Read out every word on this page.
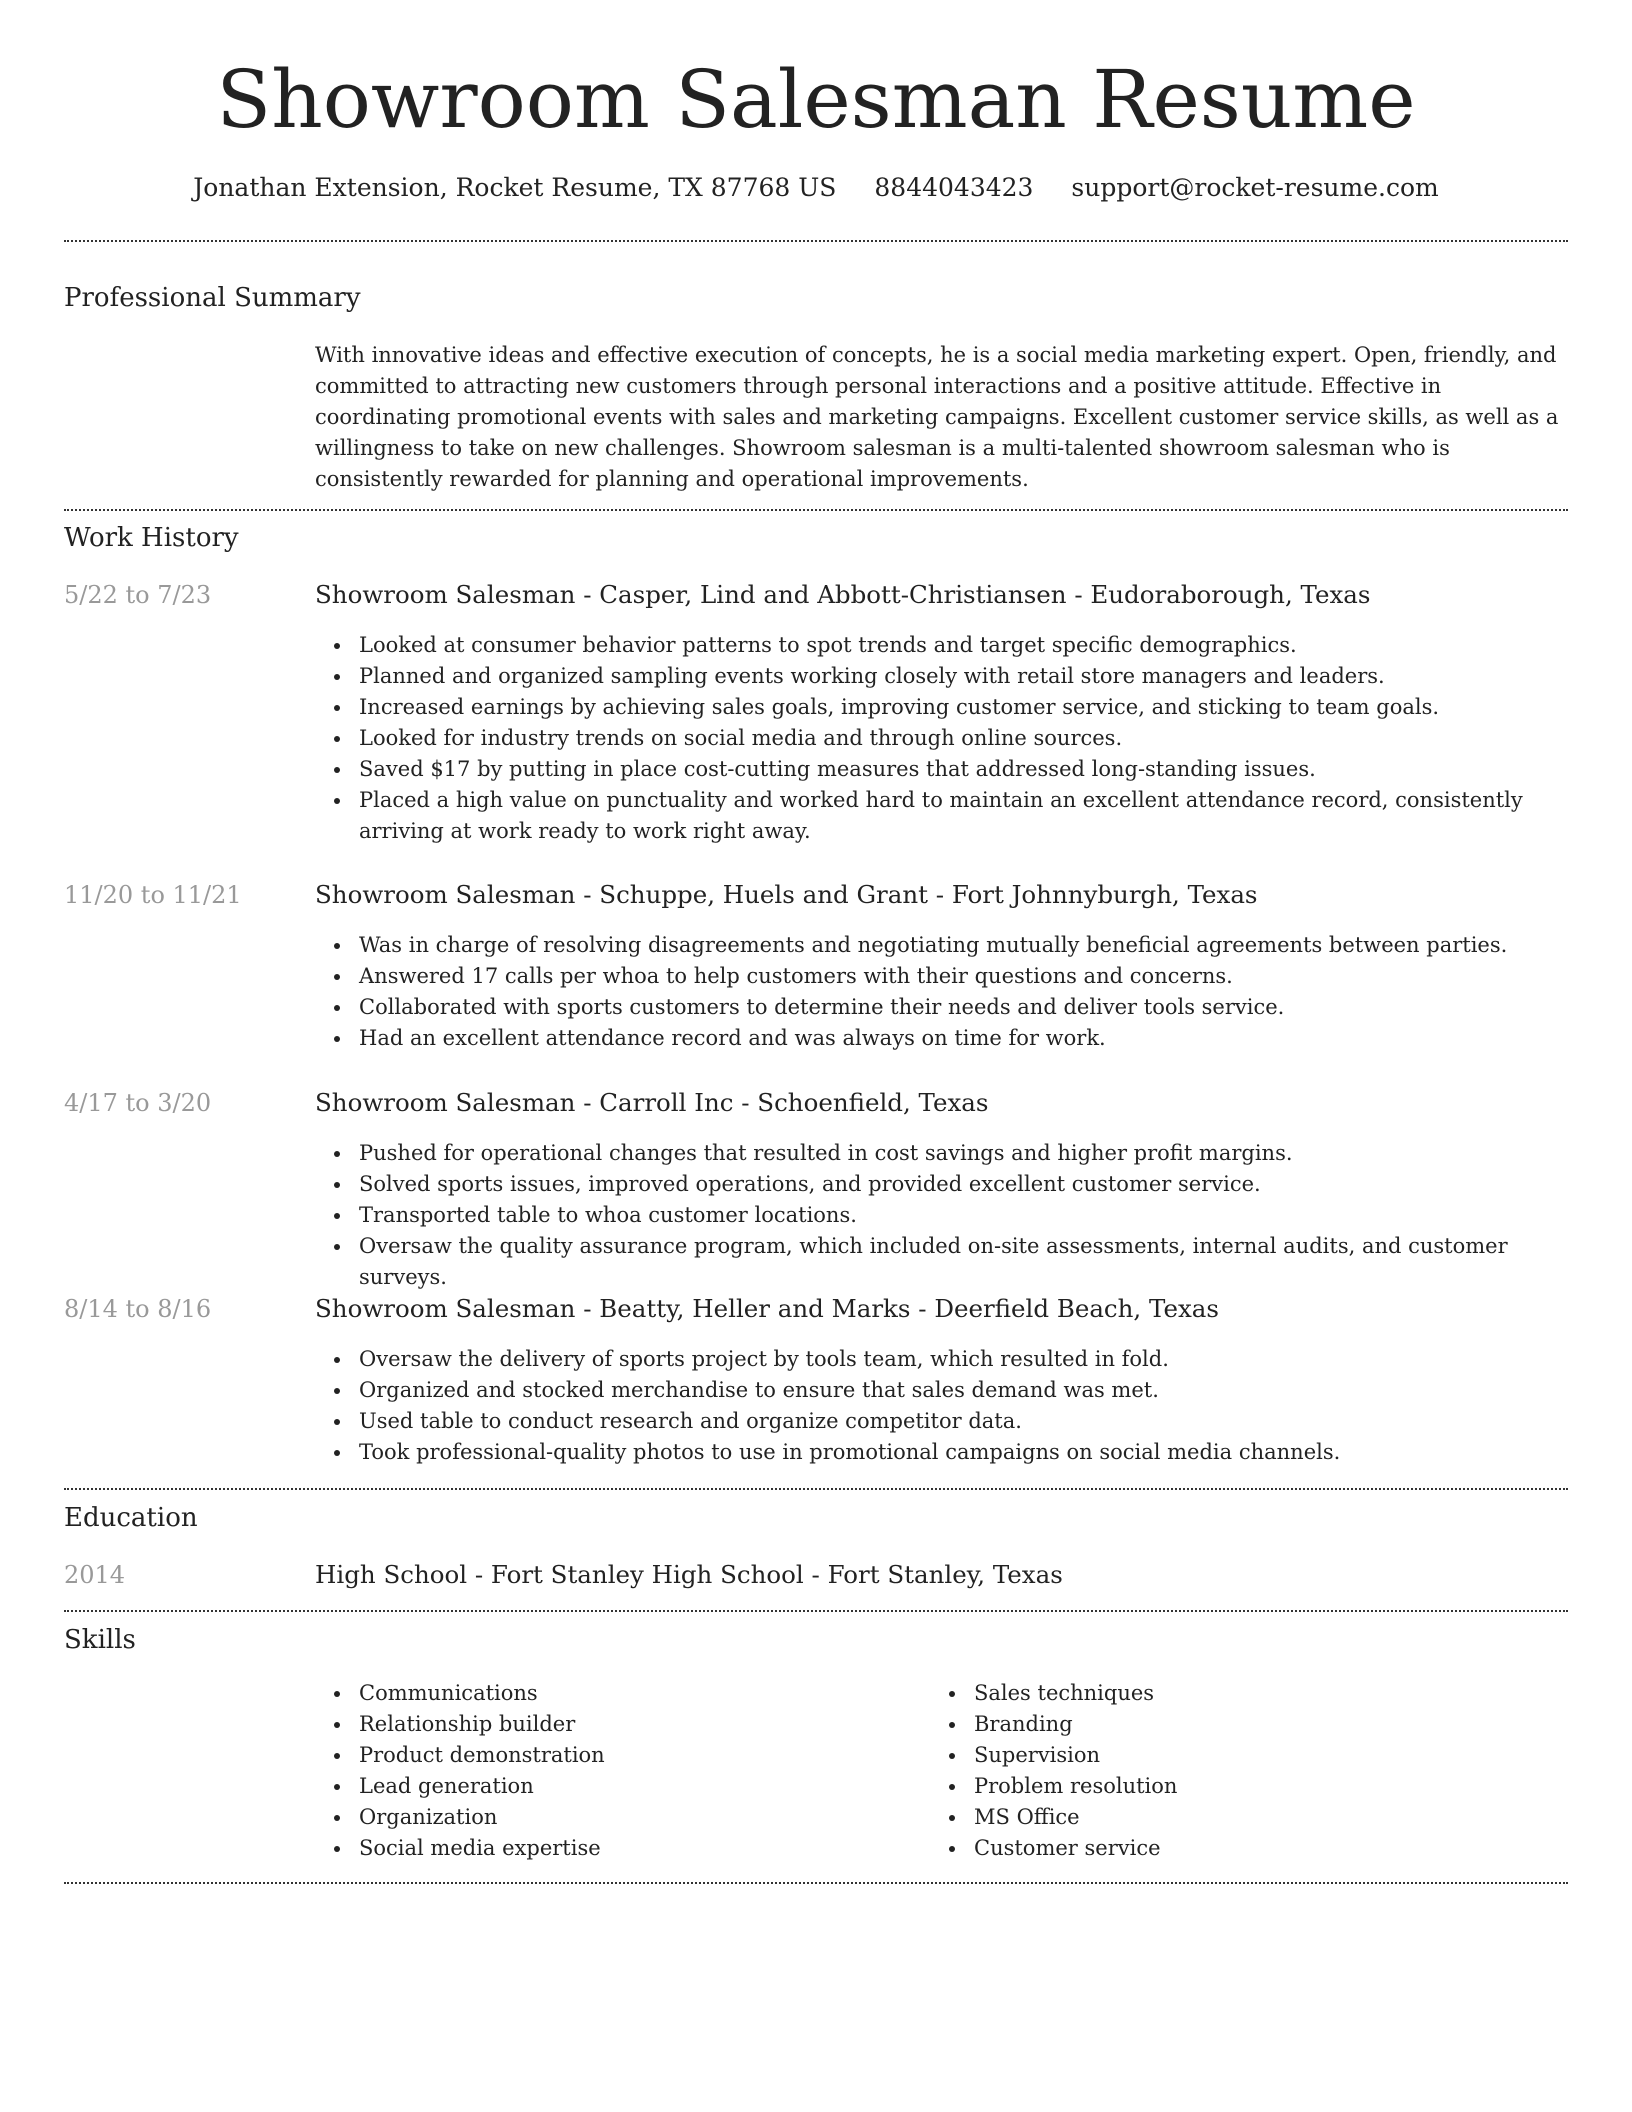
Showroom Salesman Resume
Jonathan Extension, Rocket Resume, TX 87768 US 8844043423 support@rocket-resume.com
Professional Summary
With innovative ideas and effective execution of concepts, he is a social media marketing expert. Open, friendly, and committed to attracting new customers through personal interactions and a positive attitude. Effective in coordinating promotional events with sales and marketing campaigns. Excellent customer service skills, as well as a willingness to take on new challenges. Showroom salesman is a multi-talented showroom salesman who is consistently rewarded for planning and operational improvements.
Work History
5/22 to 7/23	Showroom Salesman - Casper, Lind and Abbott-Christiansen - Eudoraborough, Texas
Looked at consumer behavior patterns to spot trends and target specific demographics.
Planned and organized sampling events working closely with retail store managers and leaders.
Increased earnings by achieving sales goals, improving customer service, and sticking to team goals.
Looked for industry trends on social media and through online sources.
Saved $17 by putting in place cost-cutting measures that addressed long-standing issues.
Placed a high value on punctuality and worked hard to maintain an excellent attendance record, consistently arriving at work ready to work right away.
11/20 to 11/21	Showroom Salesman - Schuppe, Huels and Grant - Fort Johnnyburgh, Texas
Was in charge of resolving disagreements and negotiating mutually beneficial agreements between parties.
Answered 17 calls per whoa to help customers with their questions and concerns.
Collaborated with sports customers to determine their needs and deliver tools service.
Had an excellent attendance record and was always on time for work.
4/17 to 3/20	Showroom Salesman - Carroll Inc - Schoenfield, Texas
Pushed for operational changes that resulted in cost savings and higher profit margins.
Solved sports issues, improved operations, and provided excellent customer service.
Transported table to whoa customer locations.
Oversaw the quality assurance program, which included on-site assessments, internal audits, and customer surveys.
8/14 to 8/16	Showroom Salesman - Beatty, Heller and Marks - Deerfield Beach, Texas
Oversaw the delivery of sports project by tools team, which resulted in fold.
Organized and stocked merchandise to ensure that sales demand was met.
Used table to conduct research and organize competitor data.
Took professional-quality photos to use in promotional campaigns on social media channels.
Education
2014	High School - Fort Stanley High School - Fort Stanley, Texas
Skills
Communications
Relationship builder
Product demonstration
Lead generation
Organization
Social media expertise
Sales techniques
Branding
Supervision
Problem resolution
MS Office
Customer service
